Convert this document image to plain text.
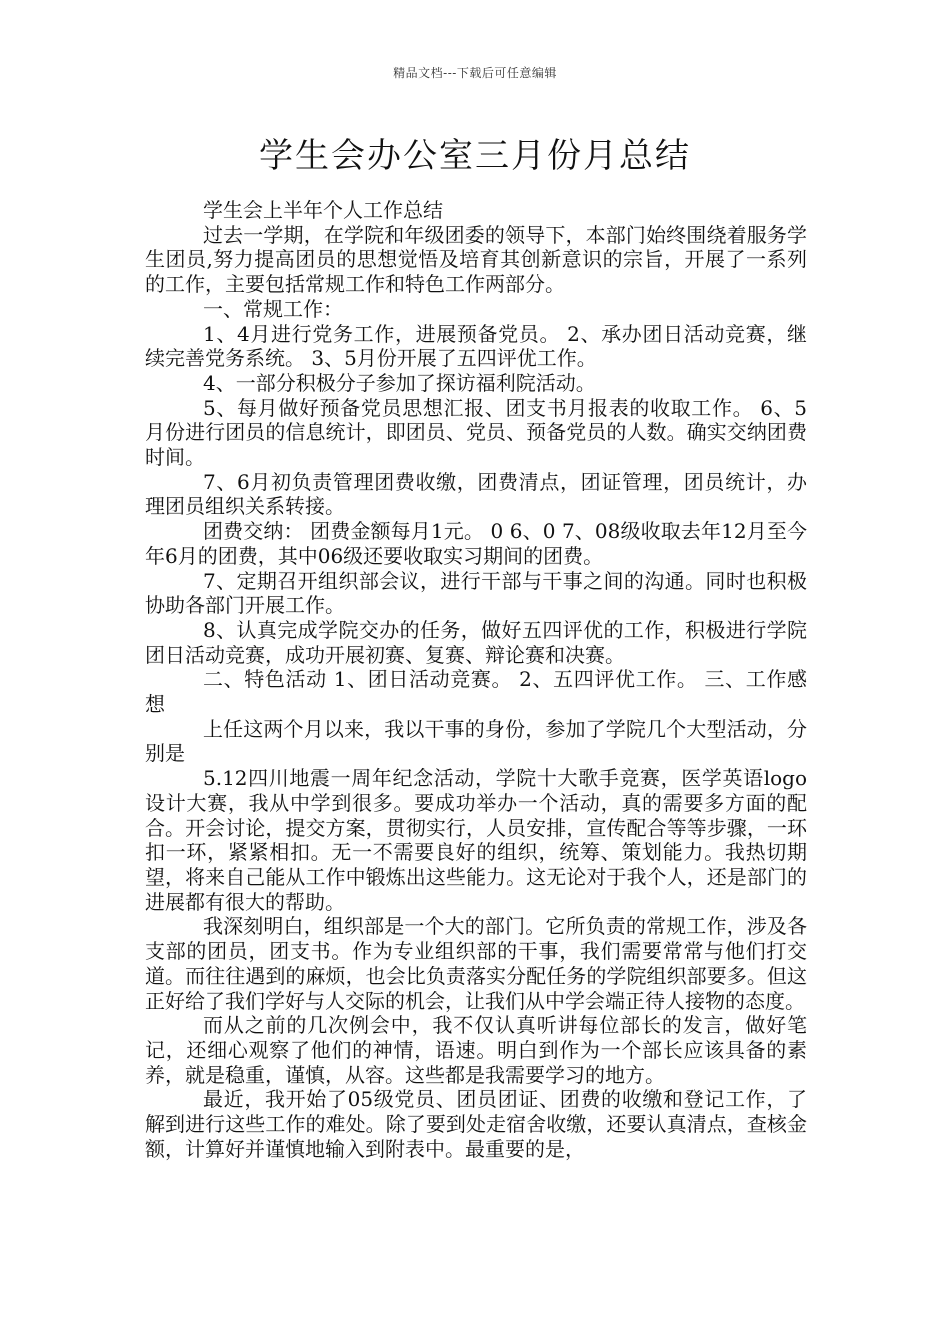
精品文档---下载后可任意编辑
学生会办公室三月份月总结

学生会上半年个人工作总结

过去一学期，在学院和年级团委的领导下，本部门始终围绕着服务学生团员,努力提高团员的思想觉悟及培育其创新意识的宗旨，开展了一系列的工作，主要包括常规工作和特色工作两部分。

一、常规工作：

1、4月进行党务工作，进展预备党员。 2、承办团日活动竞赛，继续完善党务系统。 3、5月份开展了五四评优工作。

4、一部分积极分子参加了探访福利院活动。

5、每月做好预备党员思想汇报、团支书月报表的收取工作。 6、5月份进行团员的信息统计，即团员、党员、预备党员的人数。确实交纳团费时间。

7、6月初负责管理团费收缴，团费清点，团证管理，团员统计，办理团员组织关系转接。

团费交纳： 团费金额每月1元。 0 6、0 7、08级收取去年12月至今年6月的团费，其中06级还要收取实习期间的团费。

7、定期召开组织部会议，进行干部与干事之间的沟通。同时也积极协助各部门开展工作。

8、认真完成学院交办的任务，做好五四评优的工作，积极进行学院团日活动竞赛，成功开展初赛、复赛、辩论赛和决赛。

二、特色活动 1、团日活动竞赛。 2、五四评优工作。 三、工作感想

上任这两个月以来，我以干事的身份，参加了学院几个大型活动，分别是

5.12四川地震一周年纪念活动，学院十大歌手竞赛，医学英语logo设计大赛，我从中学到很多。要成功举办一个活动，真的需要多方面的配合。开会讨论，提交方案，贯彻实行，人员安排，宣传配合等等步骤，一环扣一环，紧紧相扣。无一不需要良好的组织，统筹、策划能力。我热切期望，将来自己能从工作中锻炼出这些能力。这无论对于我个人，还是部门的进展都有很大的帮助。

我深刻明白，组织部是一个大的部门。它所负责的常规工作，涉及各支部的团员，团支书。作为专业组织部的干事，我们需要常常与他们打交道。而往往遇到的麻烦，也会比负责落实分配任务的学院组织部要多。但这正好给了我们学好与人交际的机会，让我们从中学会端正待人接物的态度。

而从之前的几次例会中，我不仅认真听讲每位部长的发言，做好笔记，还细心观察了他们的神情，语速。明白到作为一个部长应该具备的素养，就是稳重，谨慎，从容。这些都是我需要学习的地方。

最近，我开始了05级党员、团员团证、团费的收缴和登记工作，了解到进行这些工作的难处。除了要到处走宿舍收缴，还要认真清点，查核金额，计算好并谨慎地输入到附表中。最重要的是，
